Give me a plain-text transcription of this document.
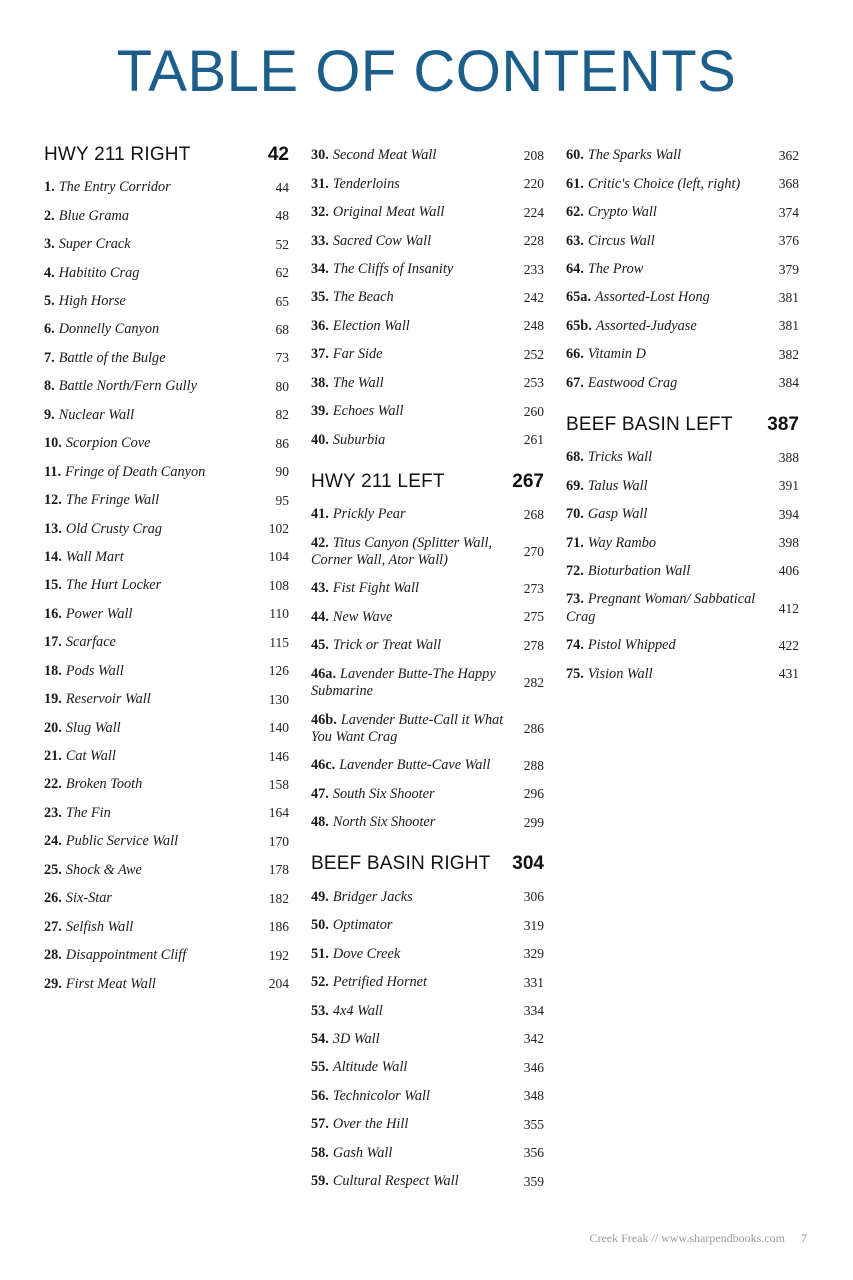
TABLE OF CONTENTS
HWY 211 RIGHT	42
1. The Entry Corridor	44
2. Blue Grama	48
3. Super Crack	52
4. Habitito Crag	62
5. High Horse	65
6. Donnelly Canyon	68
7. Battle of the Bulge	73
8. Battle North/Fern Gully	80
9. Nuclear Wall	82
10. Scorpion Cove	86
11. Fringe of Death Canyon	90
12. The Fringe Wall	95
13. Old Crusty Crag	102
14. Wall Mart	104
15. The Hurt Locker	108
16. Power Wall	110
17. Scarface	115
18. Pods Wall	126
19. Reservoir Wall	130
20. Slug Wall	140
21. Cat Wall	146
22. Broken Tooth	158
23. The Fin	164
24. Public Service Wall	170
25. Shock & Awe	178
26. Six-Star	182
27. Selfish Wall	186
28. Disappointment Cliff	192
29. First Meat Wall	204
30. Second Meat Wall	208
31. Tenderloins	220
32. Original Meat Wall	224
33. Sacred Cow Wall	228
34. The Cliffs of Insanity	233
35. The Beach	242
36. Election Wall	248
37. Far Side	252
38. The Wall	253
39. Echoes Wall	260
40. Suburbia	261
HWY 211 LEFT	267
41. Prickly Pear	268
42. Titus Canyon (Splitter Wall, Corner Wall, Ator Wall)
270
43. Fist Fight Wall	273
44. New Wave	275
45. Trick or Treat Wall	278
46a. Lavender Butte-The Happy Submarine
282
46b. Lavender Butte-Call it What You Want Crag
286
46c. Lavender Butte-Cave Wall	288
47. South Six Shooter	296
48. North Six Shooter	299
BEEF BASIN RIGHT 304
49. Bridger Jacks	306
50. Optimator	319
51. Dove Creek	329
52. Petrified Hornet	331
53. 4x4 Wall	334
54. 3D Wall	342
55. Altitude Wall	346
56. Technicolor Wall	348
57. Over the Hill	355
58. Gash Wall	356
59. Cultural Respect Wall	359
60. The Sparks Wall	362
61. Critic's Choice (left, right)	368
62. Crypto Wall	374
63. Circus Wall	376
64. The Prow	379
65a. Assorted-Lost Hong	381
65b. Assorted-Judyase	381
66. Vitamin D	382
67. Eastwood Crag	384
BEEF BASIN LEFT 387
68. Tricks Wall	388
69. Talus Wall	391
70. Gasp Wall	394
71. Way Rambo	398
72. Bioturbation Wall	406
73. Pregnant Woman/ Sabbatical Crag
412
74. Pistol Whipped	422
75. Vision Wall	431
Creek Freak // www.sharpendbooks.com 7
